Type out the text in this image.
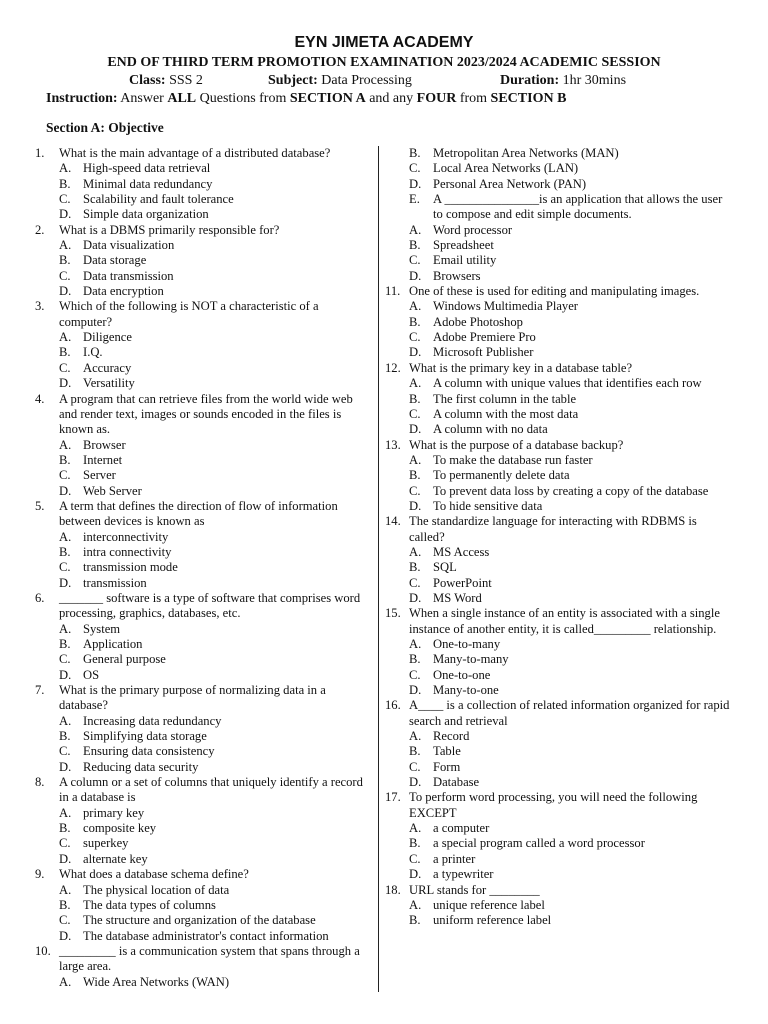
EYN JIMETA ACADEMY
END OF THIRD TERM PROMOTION EXAMINATION 2023/2024 ACADEMIC SESSION
Class: SSS 2	Subject: Data Processing	Duration: 1hr 30mins
Instruction: Answer ALL Questions from SECTION A and any FOUR from SECTION B
Section A: Objective
1.	What is the main advantage of a distributed database?
A. High-speed data retrieval
B. Minimal data redundancy
C. Scalability and fault tolerance
D. Simple data organization
2.	What is a DBMS primarily responsible for?
A. Data visualization
B. Data storage
C. Data transmission
D. Data encryption
3.	Which of the following is NOT a characteristic of a computer?
A. Diligence
B. I.Q.
C. Accuracy
D. Versatility
4.	A program that can retrieve files from the world wide web and render text, images or sounds encoded in the files is known as.
A. Browser
B. Internet
C. Server
D. Web Server
5.	A term that defines the direction of flow of information between devices is known as
A. interconnectivity
B. intra connectivity
C. transmission mode
D. transmission
6.	_______ software is a type of software that comprises word processing, graphics, databases, etc.
A. System
B. Application
C. General purpose
D. OS
7.	What is the primary purpose of normalizing data in a database?
A. Increasing data redundancy
B. Simplifying data storage
C. Ensuring data consistency
D. Reducing data security
8.	A column or a set of columns that uniquely identify a record in a database is
A. primary key
B. composite key
C. superkey
D. alternate key
9.	What does a database schema define?
A. The physical location of data
B. The data types of columns
C. The structure and organization of the database
D. The database administrator's contact information
10. _________ is a communication system that spans through a large area.
A. Wide Area Networks (WAN)
B. Metropolitan Area Networks (MAN)
C. Local Area Networks (LAN)
D. Personal Area Network (PAN)
E.	A _______________is an application that allows the user to compose and edit simple documents.
A. Word processor
B. Spreadsheet
C. Email utility
D. Browsers
11. One of these is used for editing and manipulating images.
A. Windows Multimedia Player
B. Adobe Photoshop
C. Adobe Premiere Pro
D. Microsoft Publisher
12. What is the primary key in a database table?
A. A column with unique values that identifies each row
B. The first column in the table
C. A column with the most data
D. A column with no data
13. What is the purpose of a database backup?
A. To make the database run faster
B. To permanently delete data
C. To prevent data loss by creating a copy of the database
D. To hide sensitive data
14. The standardize language for interacting with RDBMS is called?
A. MS Access
B. SQL
C. PowerPoint
D. MS Word
15. When a single instance of an entity is associated with a single instance of another entity, it is called_________ relationship.
A. One-to-many
B. Many-to-many
C. One-to-one
D. Many-to-one
16. A____ is a collection of related information organized for rapid search and retrieval
A. Record
B. Table
C. Form
D. Database
17. To perform word processing, you will need the following EXCEPT
A. a computer
B. a special program called a word processor
C. a printer
D. a typewriter
18. URL stands for ________
A. unique reference label
B. uniform reference label
